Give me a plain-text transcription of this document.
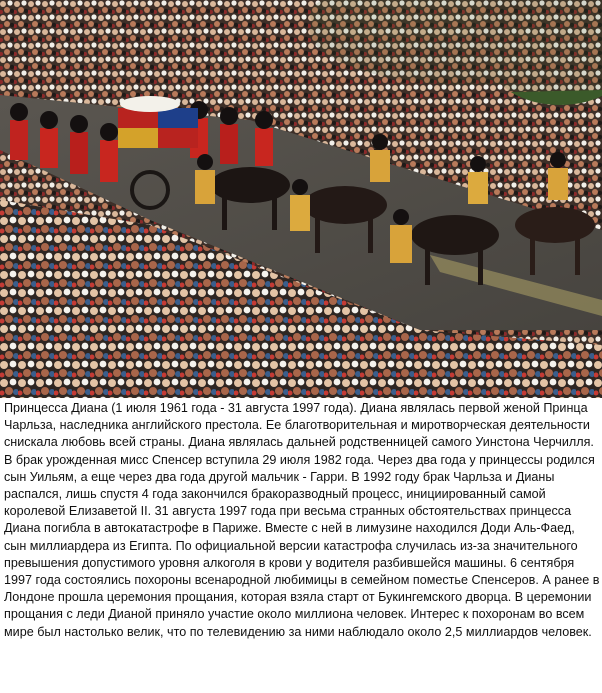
Принцесса Диана (1 июля 1961 года - 31 августа 1997 года). Диана являлась первой женой Принца Чарльза, наследника английского престола. Ее благотворительная и миротворческая деятельности снискала любовь всей страны. Диана являлась дальней родственницей самого Уинстона Черчилля. В брак урожденная мисс Спенсер вступила 29 июля 1982 года. Через два года у принцессы родился сын Уильям, а еще через два года другой мальчик - Гарри. В 1992 году брак Чарльза и Дианы распался, лишь спустя 4 года закончился бракоразводный процесс, инициированный самой королевой Елизаветой II. 31 августа 1997 года при весьма странных обстоятельствах принцесса Диана погибла в автокатастрофе в Париже. Вместе с ней в лимузине находился Доди Аль-Фаед, сын миллиардера из Египта. По официальной версии катастрофа случилась из-за значительного превышения допустимого уровня алкоголя в крови у водителя разбившейся машины. 6 сентября 1997 года состоялись похороны всенародной любимицы в семейном поместье Спенсеров. А ранее в Лондоне прошла церемония прощания, которая взяла старт от Букингемского дворца. В церемонии прощания с леди Дианой приняло участие около миллиона человек. Интерес к похоронам во всем мире был настолько велик, что по телевидению за ними наблюдало около 2,5 миллиардов человек.
